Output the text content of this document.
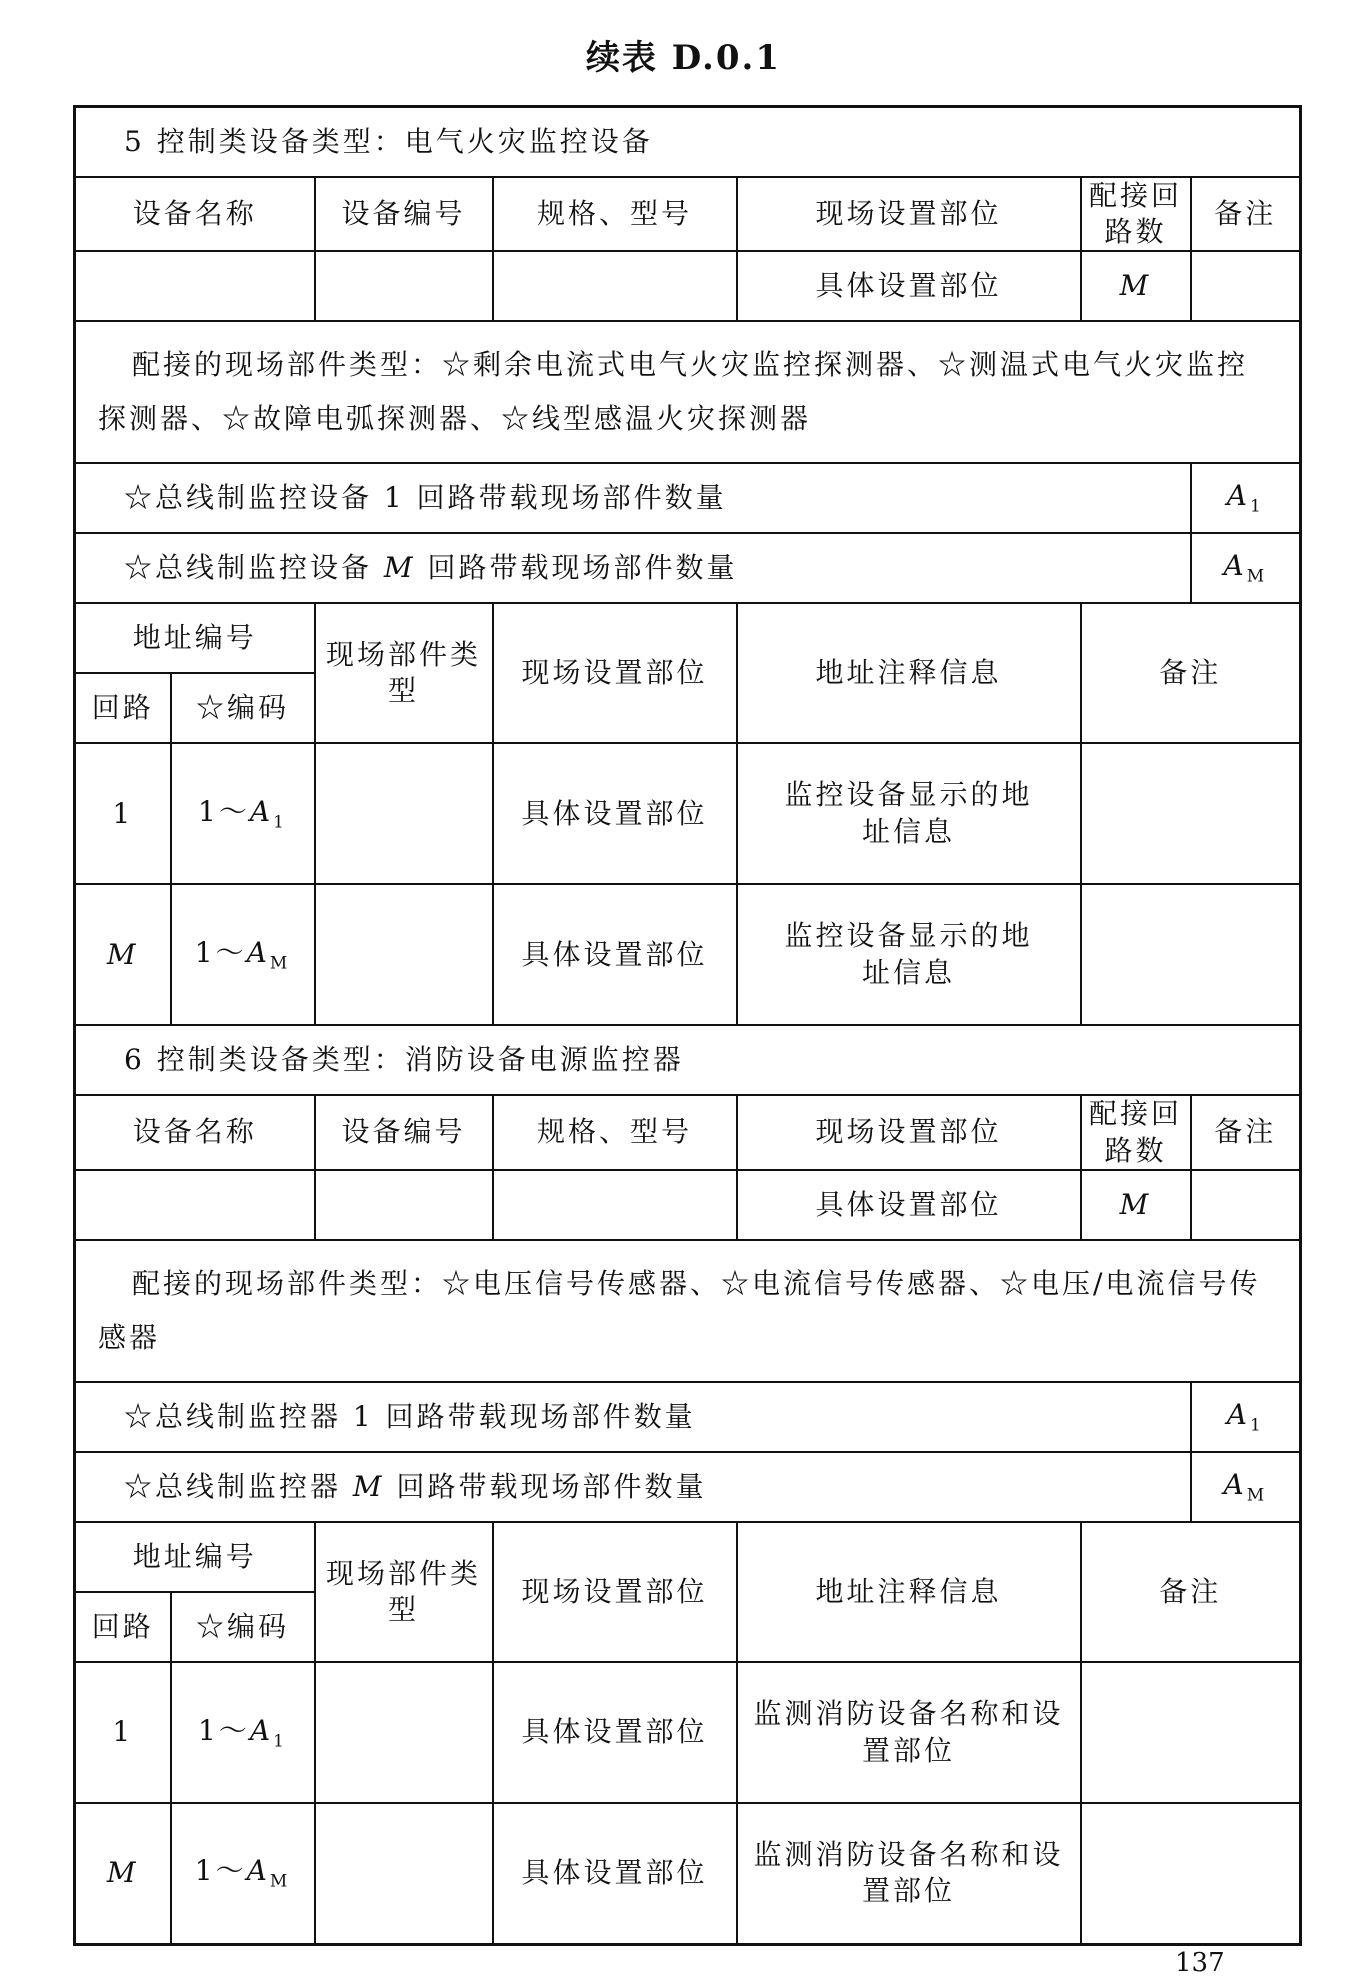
续表 D.0.1
5 控制类设备类型：电气火灾监控设备						
设备名称		设备编号	规格、型号	现场设置部位	配接回路数	备注
				具体设置部位	M	
配接的现场部件类型：☆剩余电流式电气火灾监控探测器、☆测温式电气火灾监控探测器、☆故障电弧探测器、☆线型感温火灾探测器						
☆总线制监控设备 1 回路带载现场部件数量						$A_1$
☆总线制监控设备 M 回路带载现场部件数量						$A_M$
地址编号		现场部件类型	现场设置部位	地址注释信息	备注	
回路	☆编码					
1	$1\sim A_1$		具体设置部位	监控设备显示的地址信息		
M	$1\sim A_M$		具体设置部位	监控设备显示的地址信息		
6 控制类设备类型：消防设备电源监控器						
设备名称		设备编号	规格、型号	现场设置部位	配接回路数	备注
				具体设置部位	M	
配接的现场部件类型：☆电压信号传感器、☆电流信号传感器、☆电压/电流信号传感器						
☆总线制监控器 1 回路带载现场部件数量						$A_1$
☆总线制监控器 M 回路带载现场部件数量						$A_M$
地址编号		现场部件类型	现场设置部位	地址注释信息	备注	
回路	☆编码					
1	$1\sim A_1$		具体设置部位	监测消防设备名称和设置部位		
M	$1\sim A_M$		具体设置部位	监测消防设备名称和设置部位		
137
